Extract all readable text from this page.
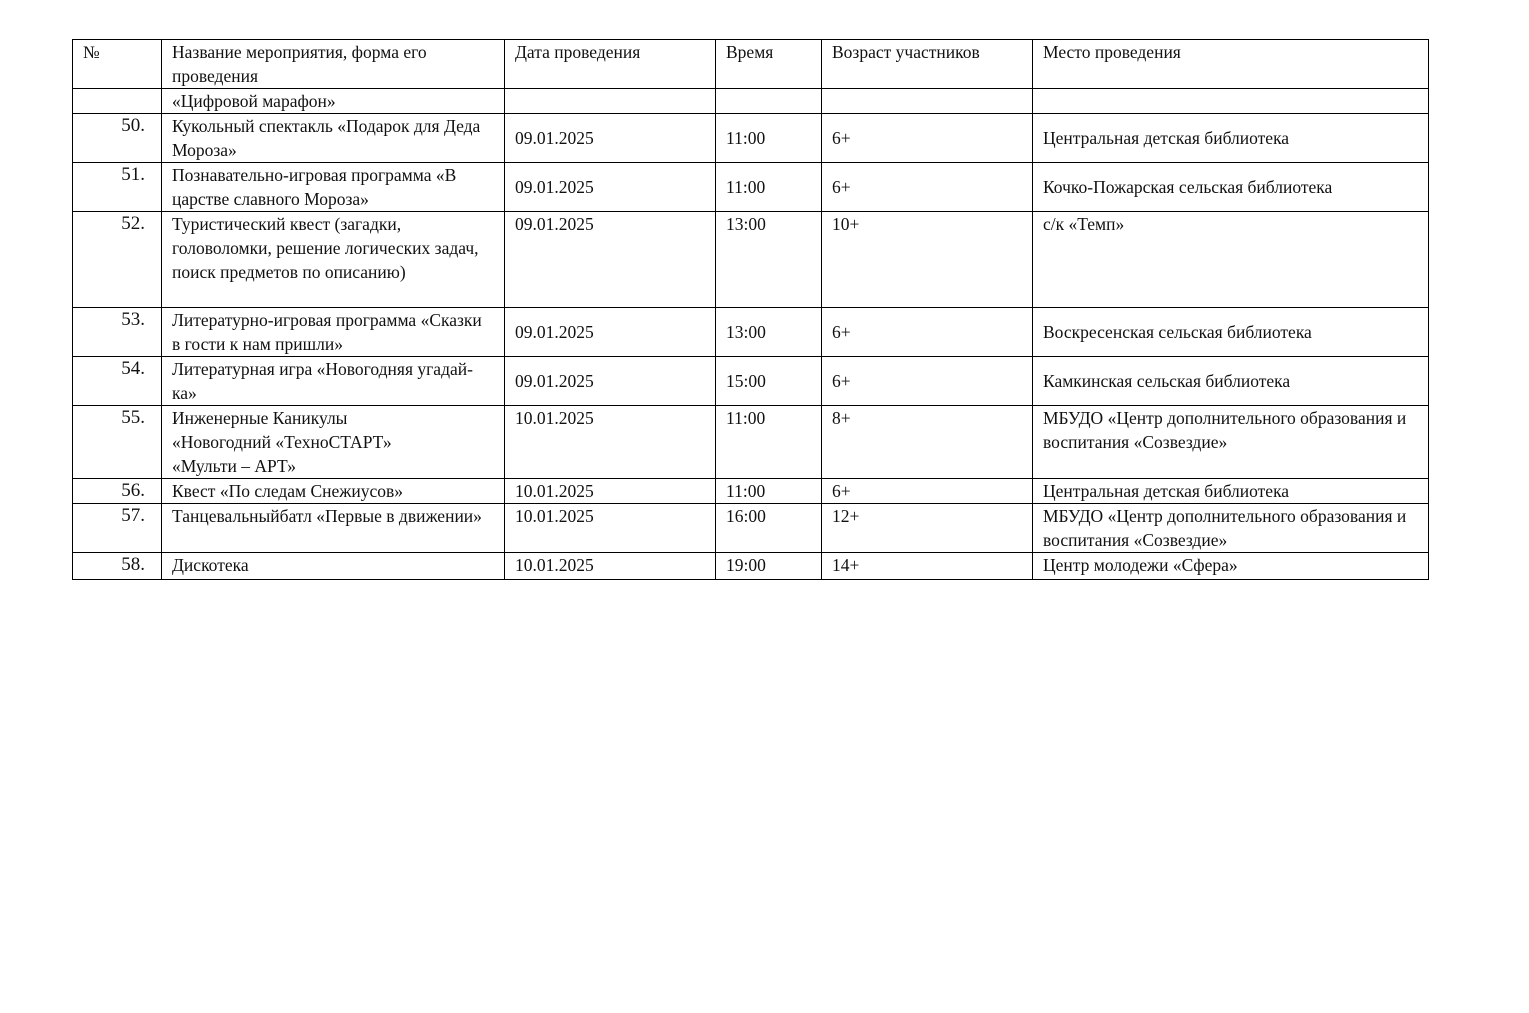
№	Название мероприятия, форма его проведения	Дата проведения	Время	Возраст участников	Место проведения
	«Цифровой марафон»				
50.	Кукольный спектакль «Подарок для Деда Мороза»	09.01.2025	11:00	6+	Центральная детская библиотека
51.	Познавательно-игровая программа «В царстве славного Мороза»	09.01.2025	11:00	6+	Кочко-Пожарская сельская библиотека
52.	Туристический квест (загадки, головоломки, решение логических задач, поиск предметов по описанию)	09.01.2025	13:00	10+	с/к «Темп»
53.	Литературно-игровая программа «Сказки в гости к нам пришли»	09.01.2025	13:00	6+	Воскресенская сельская библиотека
54.	Литературная игра «Новогодняя угадай-ка»	09.01.2025	15:00	6+	Камкинская сельская библиотека
55.	Инженерные Каникулы
«Новогодний «ТехноСТАРТ»
«Мульти – АРТ»	10.01.2025	11:00	8+	МБУДО «Центр дополнительного образования и воспитания «Созвездие»
56.	Квест «По следам Снежиусов»	10.01.2025	11:00	6+	Центральная детская библиотека
57.	Танцевальныйбатл «Первые в движении»	10.01.2025	16:00	12+	МБУДО «Центр дополнительного образования и воспитания «Созвездие»
58.	Дискотека	10.01.2025	19:00	14+	Центр молодежи «Сфера»
